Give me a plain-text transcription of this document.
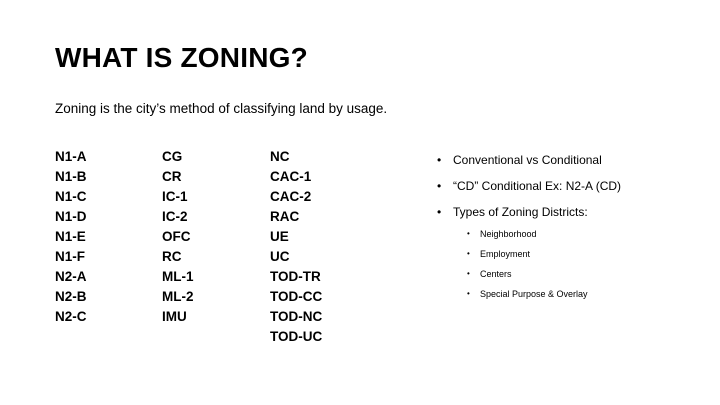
WHAT IS ZONING?
Zoning is the city’s method of classifying land by usage.
N1-A
N1-B
N1-C
N1-D
N1-E
N1-F
N2-A
N2-B
N2-C
CG
CR
IC-1
IC-2
OFC
RC
ML-1
ML-2
IMU
NC
CAC-1
CAC-2
RAC
UE
UC
TOD-TR
TOD-CC
TOD-NC
TOD-UC
• Conventional vs Conditional
• “CD” Conditional Ex: N2-A (CD)
• Types of Zoning Districts:
• Neighborhood
• Employment
• Centers
• Special Purpose & Overlay
